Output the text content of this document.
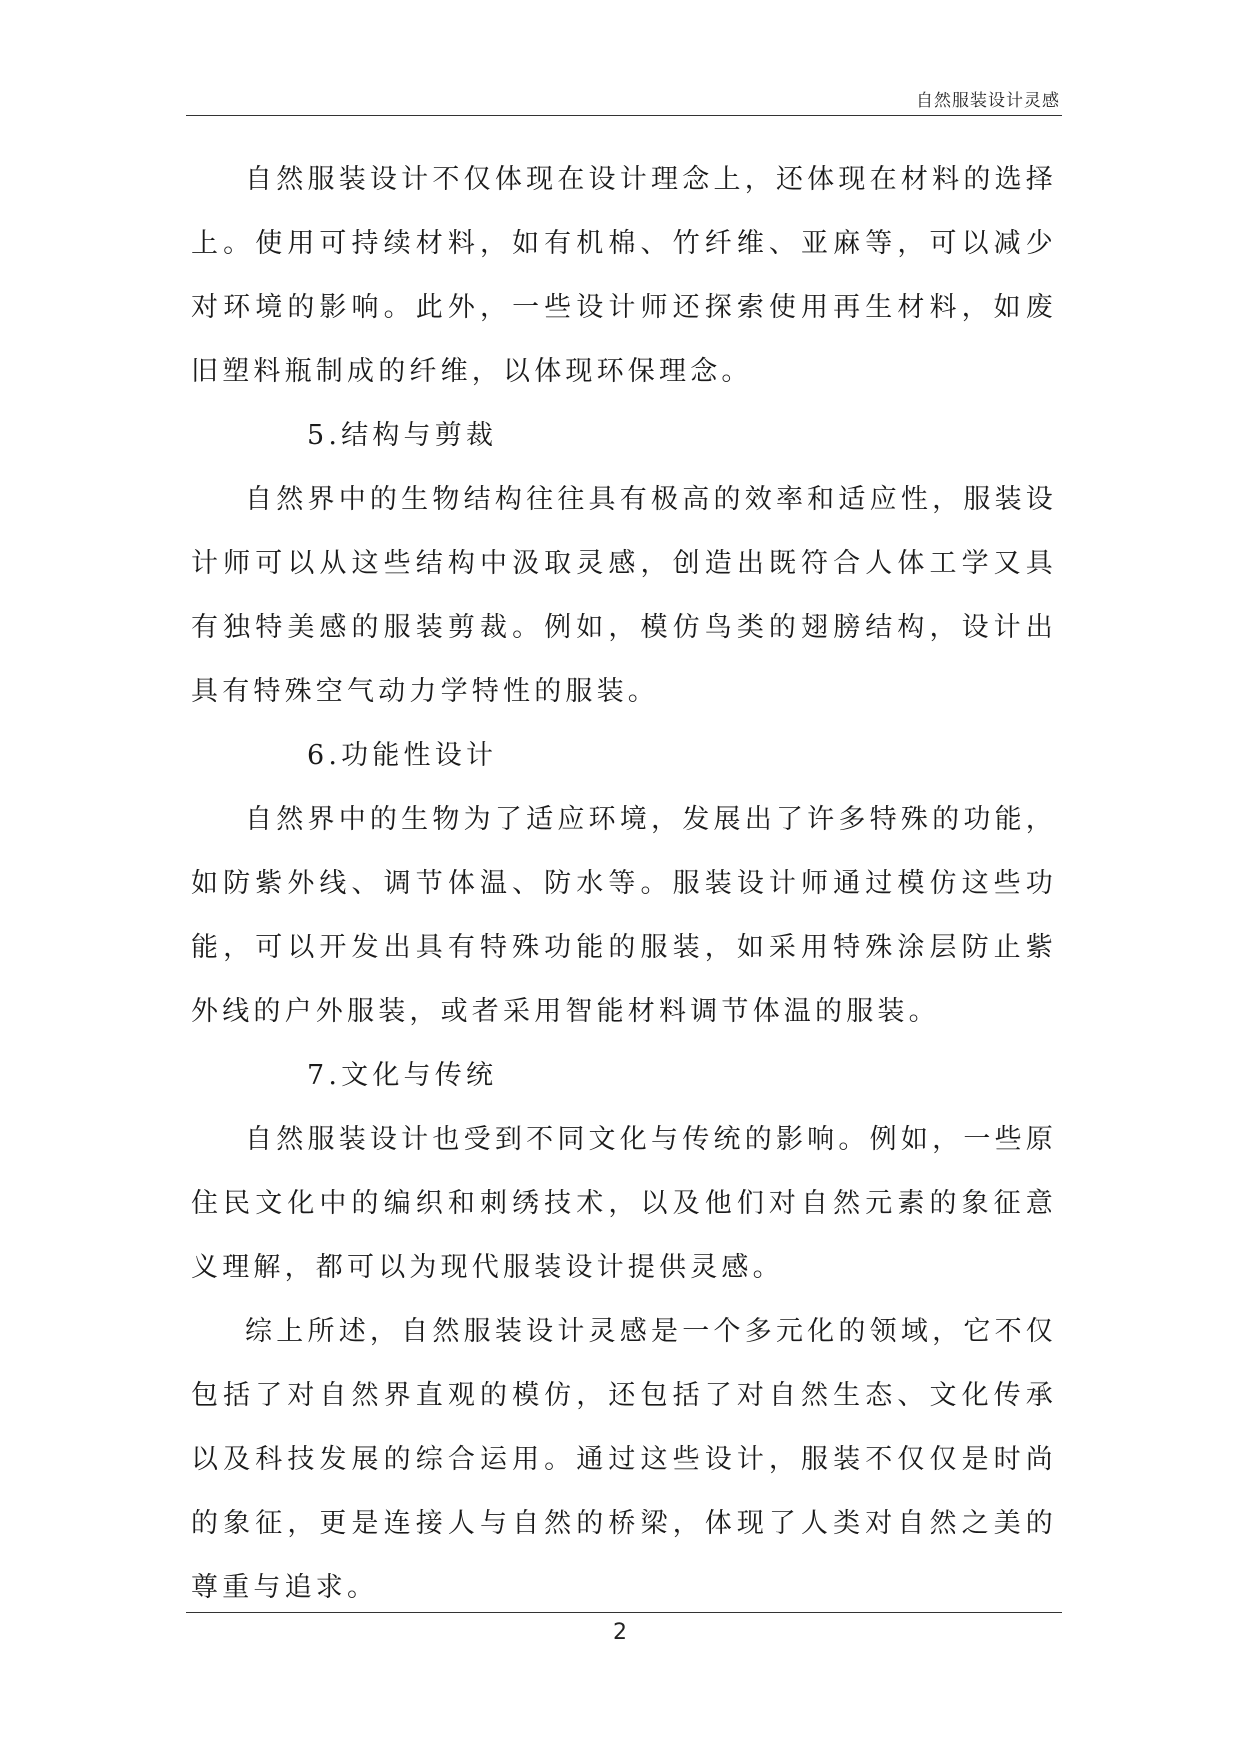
自然服装设计灵感

自然服装设计不仅体现在设计理念上，还体现在材料的选择上。使用可持续材料，如有机棉、竹纤维、亚麻等，可以减少对环境的影响。此外，一些设计师还探索使用再生材料，如废旧塑料瓶制成的纤维，以体现环保理念。

5.结构与剪裁

自然界中的生物结构往往具有极高的效率和适应性，服装设计师可以从这些结构中汲取灵感，创造出既符合人体工学又具有独特美感的服装剪裁。例如，模仿鸟类的翅膀结构，设计出具有特殊空气动力学特性的服装。

6.功能性设计

自然界中的生物为了适应环境，发展出了许多特殊的功能，如防紫外线、调节体温、防水等。服装设计师通过模仿这些功能，可以开发出具有特殊功能的服装，如采用特殊涂层防止紫外线的户外服装，或者采用智能材料调节体温的服装。

7.文化与传统

自然服装设计也受到不同文化与传统的影响。例如，一些原住民文化中的编织和刺绣技术，以及他们对自然元素的象征意义理解，都可以为现代服装设计提供灵感。

综上所述，自然服装设计灵感是一个多元化的领域，它不仅包括了对自然界直观的模仿，还包括了对自然生态、文化传承以及科技发展的综合运用。通过这些设计，服装不仅仅是时尚的象征，更是连接人与自然的桥梁，体现了人类对自然之美的尊重与追求。

2
